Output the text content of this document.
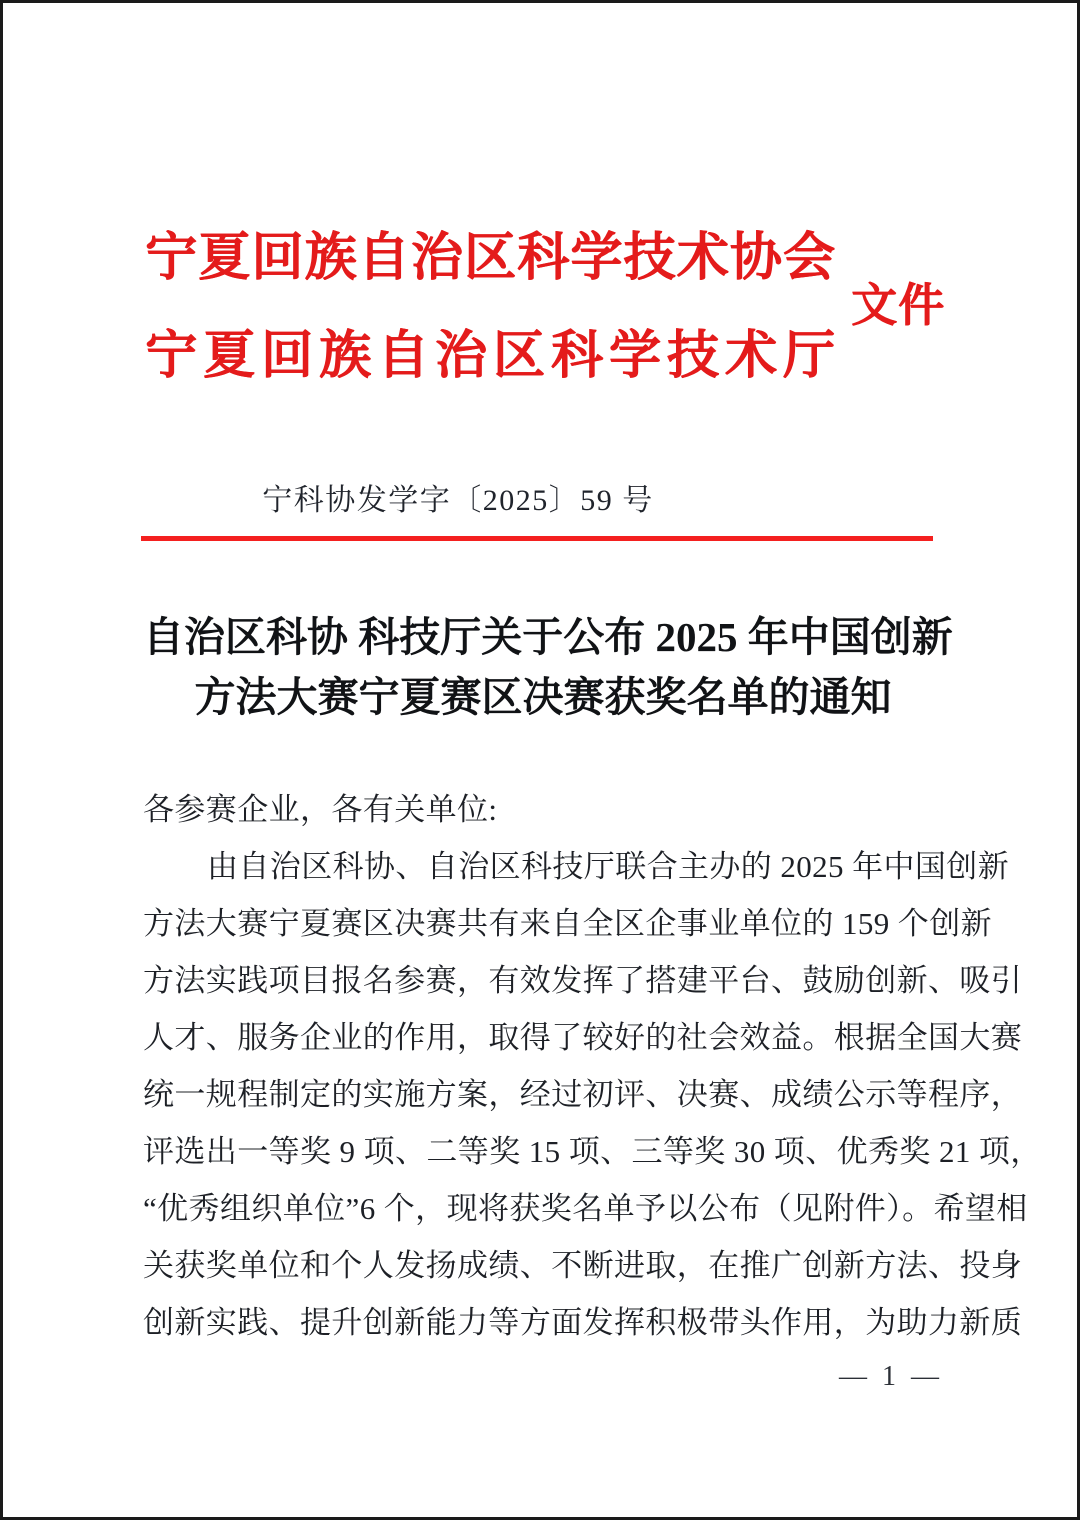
宁 夏 回 族 自 治 区 科 学 技 术 协 会
宁 夏 回 族 自 治 区 科 学 技 术 厅
文件
宁科协发学字〔2025〕59 号
自治区科协 科技厅关于公布 2025 年中国创新
方法大赛宁夏赛区决赛获奖名单的通知
各参赛企业，各有关单位:
由自治区科协、自治区科技厅联合主办的 2025 年中国创新
方法大赛宁夏赛区决赛共有来自全区企事业单位的 159 个创新
方法实践项目报名参赛，有效发挥了搭建平台、鼓励创新、吸引
人才、服务企业的作用，取得了较好的社会效益。根据全国大赛
统一规程制定的实施方案，经过初评、决赛、成绩公示等程序，
评选出一等奖 9 项、二等奖 15 项、三等奖 30 项、优秀奖 21 项，
“优秀组织单位”6 个，现将获奖名单予以公布（见附件）。希望相
关获奖单位和个人发扬成绩、不断进取，在推广创新方法、投身
创新实践、提升创新能力等方面发挥积极带头作用，为助力新质
— 1 —
